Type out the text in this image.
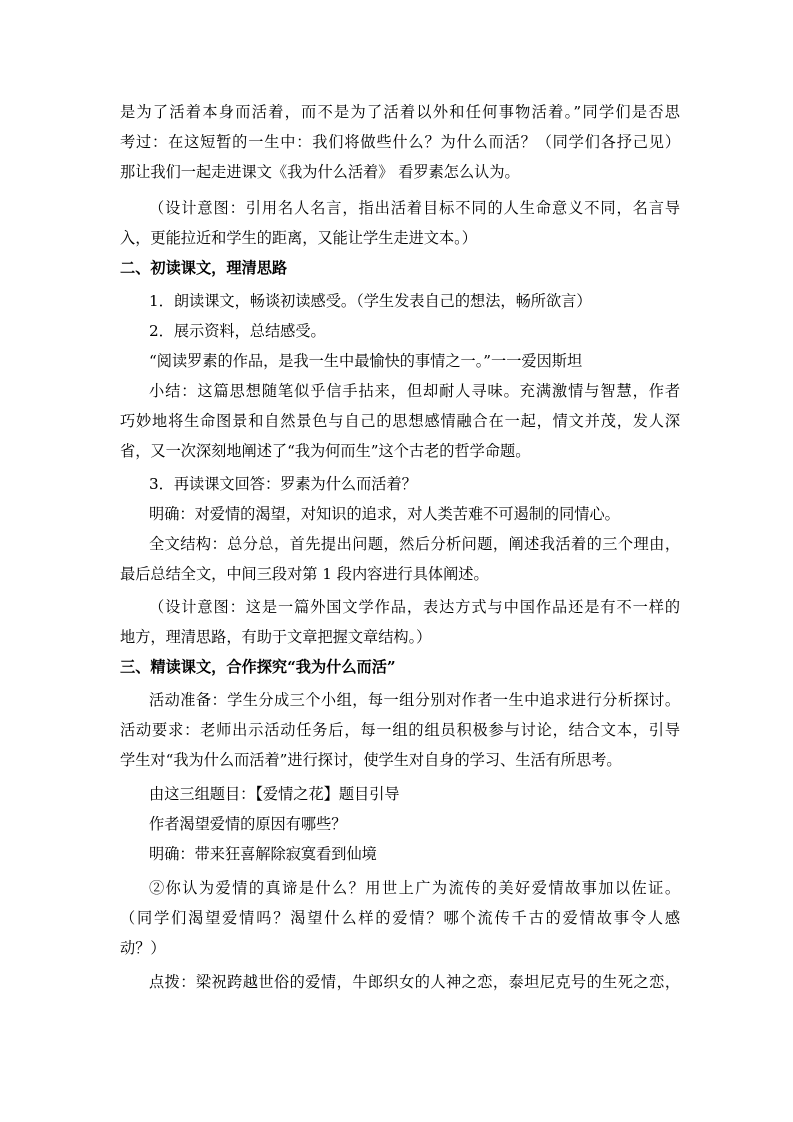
是为了活着本身而活着，而不是为了活着以外和任何事物活着。”同学们是否思
考过：在这短暂的一生中：我们将做些什么？为什么而活？（同学们各抒己见）
那让我们一起走进课文《我为什么活着》 看罗素怎么认为。
（设计意图：引用名人名言，指出活着目标不同的人生命意义不同，名言导
入，更能拉近和学生的距离，又能让学生走进文本。）
二、初读课文，理清思路
1．朗读课文，畅谈初读感受。（学生发表自己的想法，畅所欲言）
2．展示资料，总结感受。
“阅读罗素的作品，是我一生中最愉快的事情之一。”一一爱因斯坦
小结：这篇思想随笔似乎信手拈来，但却耐人寻味。充满激情与智慧，作者
巧妙地将生命图景和自然景色与自己的思想感情融合在一起，情文并茂，发人深
省，又一次深刻地阐述了“我为何而生”这个古老的哲学命题。
3．再读课文回答：罗素为什么而活着？
明确：对爱情的渴望，对知识的追求，对人类苦难不可遏制的同情心。
全文结构：总分总，首先提出问题，然后分析问题，阐述我活着的三个理由，
最后总结全文，中间三段对第 1 段内容进行具体阐述。
（设计意图：这是一篇外国文学作品，表达方式与中国作品还是有不一样的
地方，理清思路，有助于文章把握文章结构。）
三、精读课文，合作探究“我为什么而活”
活动准备：学生分成三个小组，每一组分别对作者一生中追求进行分析探讨。
活动要求：老师出示活动任务后，每一组的组员积极参与讨论，结合文本，引导
学生对“我为什么而活着”进行探讨，使学生对自身的学习、生活有所思考。
由这三组题目：【爱情之花】题目引导
作者渴望爱情的原因有哪些？
明确：带来狂喜解除寂寞看到仙境
②你认为爱情的真谛是什么？用世上广为流传的美好爱情故事加以佐证。
（同学们渴望爱情吗？渴望什么样的爱情？哪个流传千古的爱情故事令人感
动？）
点拨：梁祝跨越世俗的爱情，牛郎织女的人神之恋，泰坦尼克号的生死之恋，
